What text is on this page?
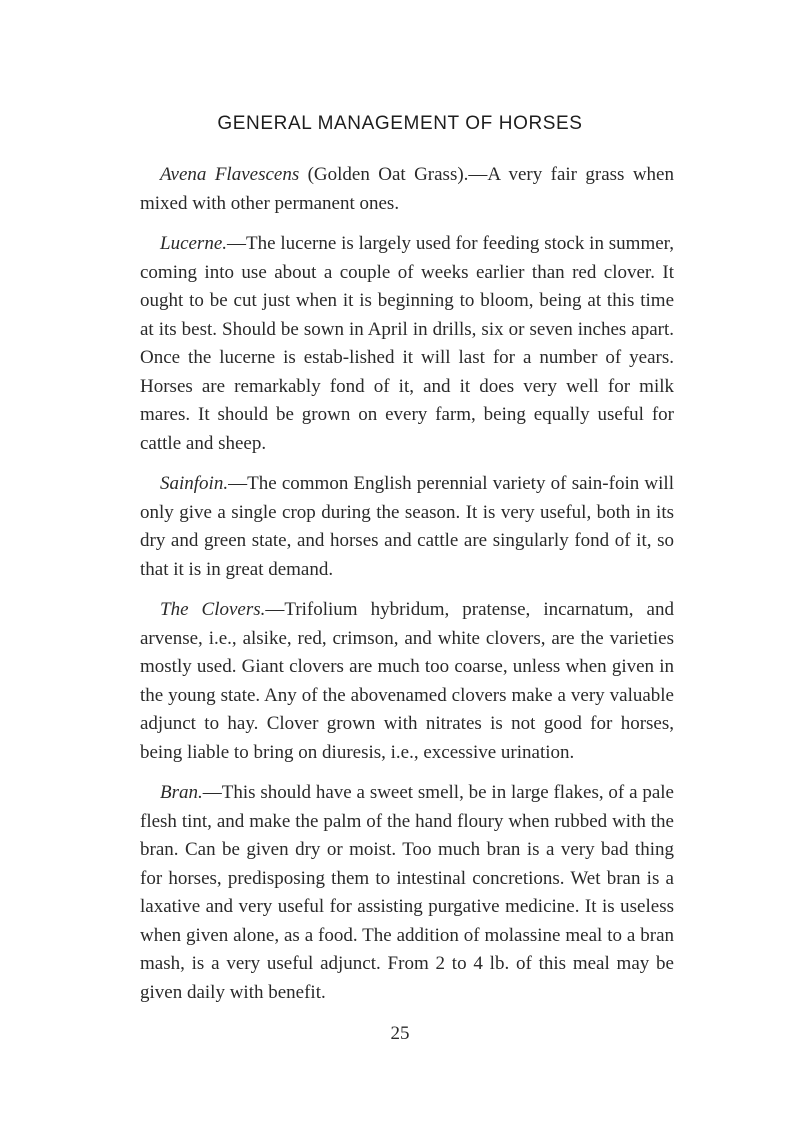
GENERAL MANAGEMENT OF HORSES

Avena Flavescens (Golden Oat Grass).—A very fair grass when mixed with other permanent ones.

Lucerne.—The lucerne is largely used for feeding stock in summer, coming into use about a couple of weeks earlier than red clover. It ought to be cut just when it is beginning to bloom, being at this time at its best. Should be sown in April in drills, six or seven inches apart. Once the lucerne is estab-lished it will last for a number of years. Horses are remarkably fond of it, and it does very well for milk mares. It should be grown on every farm, being equally useful for cattle and sheep.

Sainfoin.—The common English perennial variety of sain-foin will only give a single crop during the season. It is very useful, both in its dry and green state, and horses and cattle are singularly fond of it, so that it is in great demand.

The Clovers.—Trifolium hybridum, pratense, incarnatum, and arvense, i.e., alsike, red, crimson, and white clovers, are the varieties mostly used. Giant clovers are much too coarse, unless when given in the young state. Any of the abovenamed clovers make a very valuable adjunct to hay. Clover grown with nitrates is not good for horses, being liable to bring on diuresis, i.e., excessive urination.

Bran.—This should have a sweet smell, be in large flakes, of a pale flesh tint, and make the palm of the hand floury when rubbed with the bran. Can be given dry or moist. Too much bran is a very bad thing for horses, predisposing them to intestinal concretions. Wet bran is a laxative and very useful for assisting purgative medicine. It is useless when given alone, as a food. The addition of molassine meal to a bran mash, is a very useful adjunct. From 2 to 4 lb. of this meal may be given daily with benefit.

25
